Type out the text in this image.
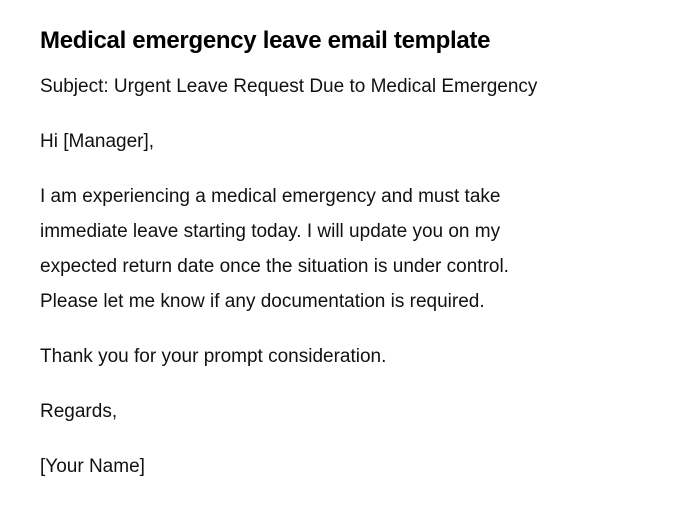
Medical emergency leave email template

Subject: Urgent Leave Request Due to Medical Emergency

Hi [Manager],

I am experiencing a medical emergency and must take
immediate leave starting today. I will update you on my
expected return date once the situation is under control.
Please let me know if any documentation is required.

Thank you for your prompt consideration.

Regards,

[Your Name]
